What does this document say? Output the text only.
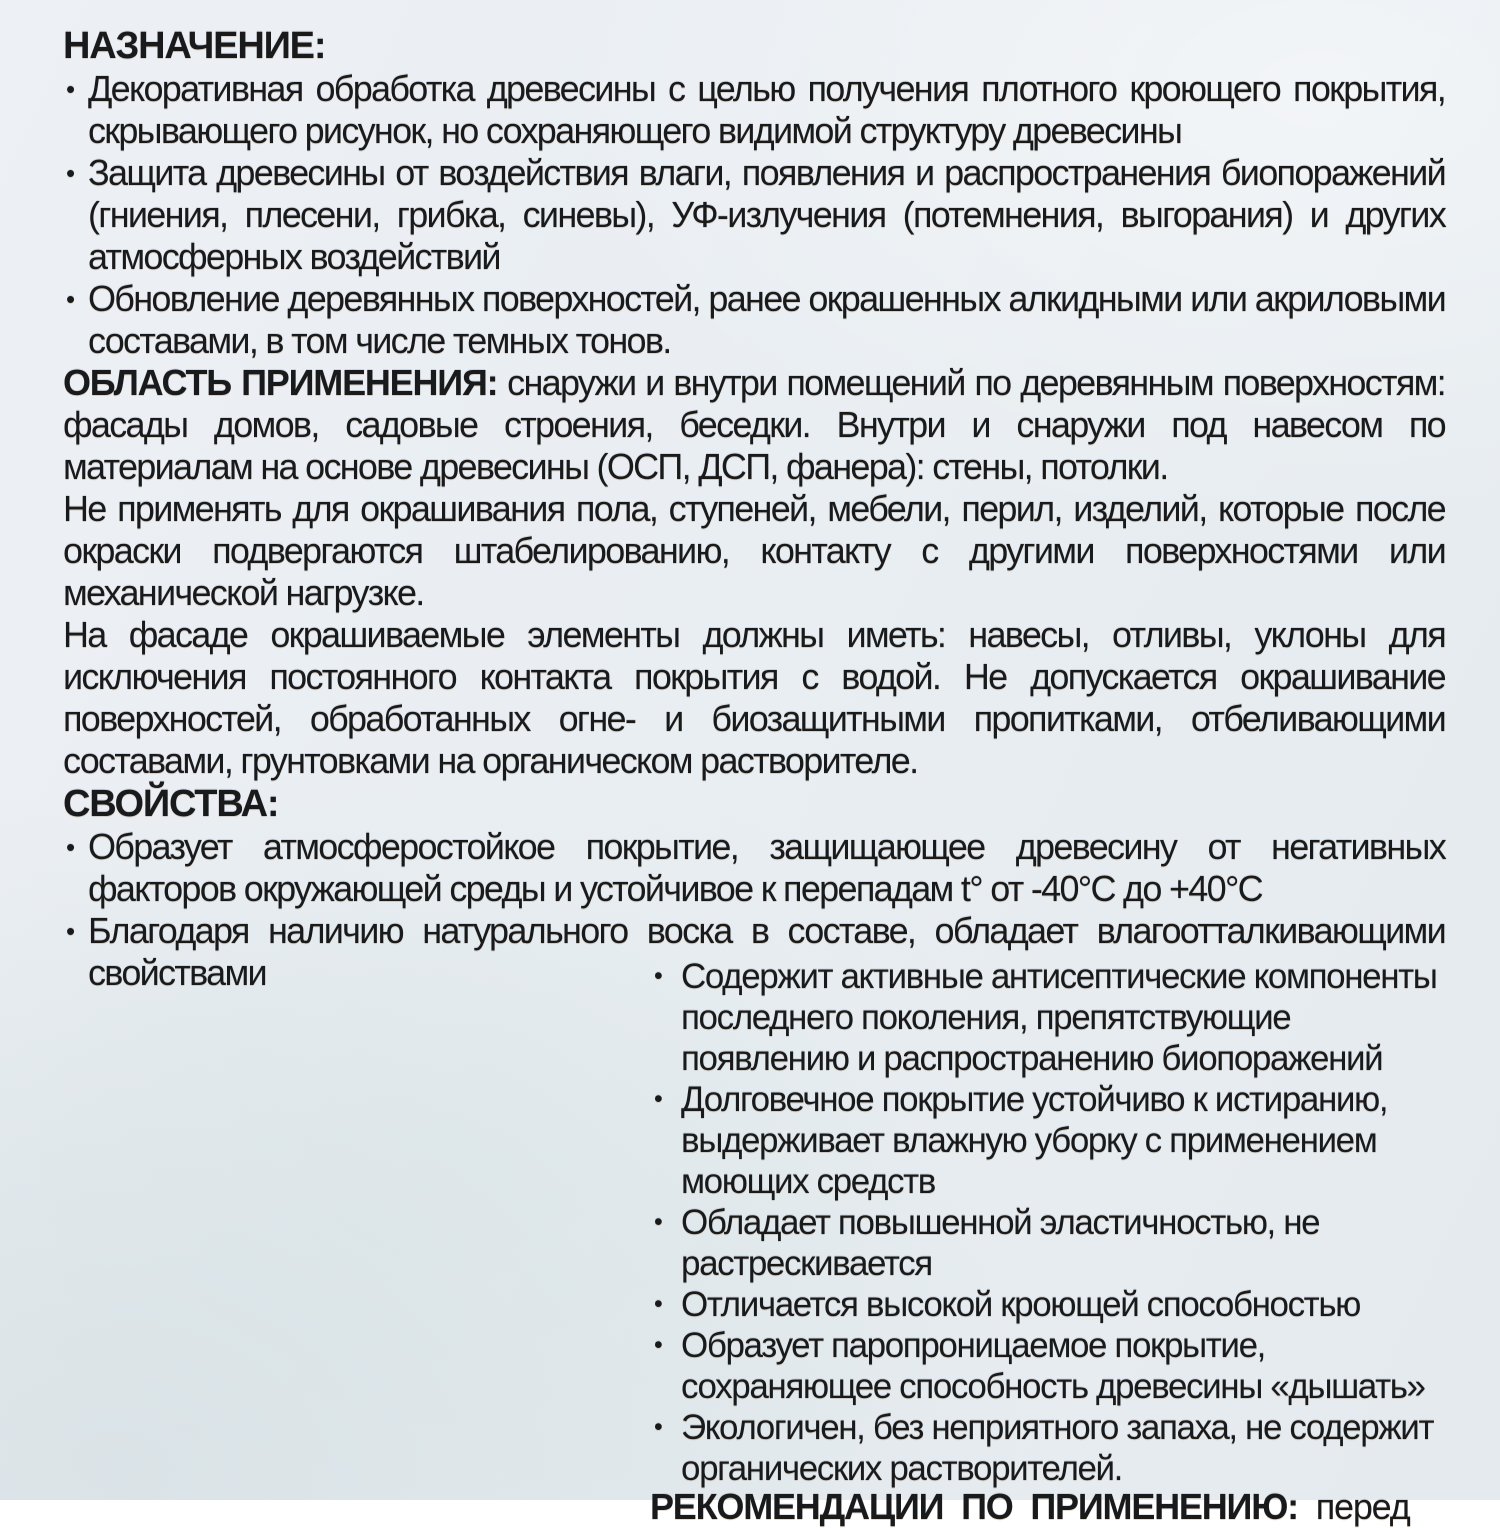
НАЗНАЧЕНИЕ:
• Декоративная обработка древесины с целью получения плотного кроющего покрытия, скрывающего рисунок, но сохраняющего видимой структуру древесины
• Защита древесины от воздействия влаги, появления и распространения биопоражений (гниения, плесени, грибка, синевы), УФ-излучения (потемнения, выгорания) и других атмосферных воздействий
• Обновление деревянных поверхностей, ранее окрашенных алкидными или акриловыми составами, в том числе темных тонов.

ОБЛАСТЬ ПРИМЕНЕНИЯ: снаружи и внутри помещений по деревянным поверхностям: фасады домов, садовые строения, беседки. Внутри и снаружи под навесом по материалам на основе древесины (ОСП, ДСП, фанера): стены, потолки.

Не применять для окрашивания пола, ступеней, мебели, перил, изделий, которые после окраски подвергаются штабелированию, контакту с другими поверхностями или механической нагрузке.

На фасаде окрашиваемые элементы должны иметь: навесы, отливы, уклоны для исключения постоянного контакта покрытия с водой. Не допускается окрашивание поверхностей, обработанных огне- и биозащитными пропитками, отбеливающими составами, грунтовками на органическом растворителе.

СВОЙСТВА:
• Образует атмосферостойкое покрытие, защищающее древесину от негативных факторов окружающей среды и устойчивое к перепадам t° от -40°С до +40°С
• Благодаря наличию натурального воска в составе, обладает влагоотталкивающими свойствами	• Содержит активные антисептические компоненты последнего поколения, препятствующие появлению и распространению биопоражений
• Долговечное покрытие устойчиво к истиранию, выдерживает влажную уборку с применением моющих средств
• Обладает повышенной эластичностью, не растрескивается
• Отличается высокой кроющей способностью
• Образует паропроницаемое покрытие, сохраняющее способность древесины «дышать»
• Экологичен, без неприятного запаха, не содержит органических растворителей.
РЕКОМЕНДАЦИИ ПО ПРИМЕНЕНИЮ: перед
